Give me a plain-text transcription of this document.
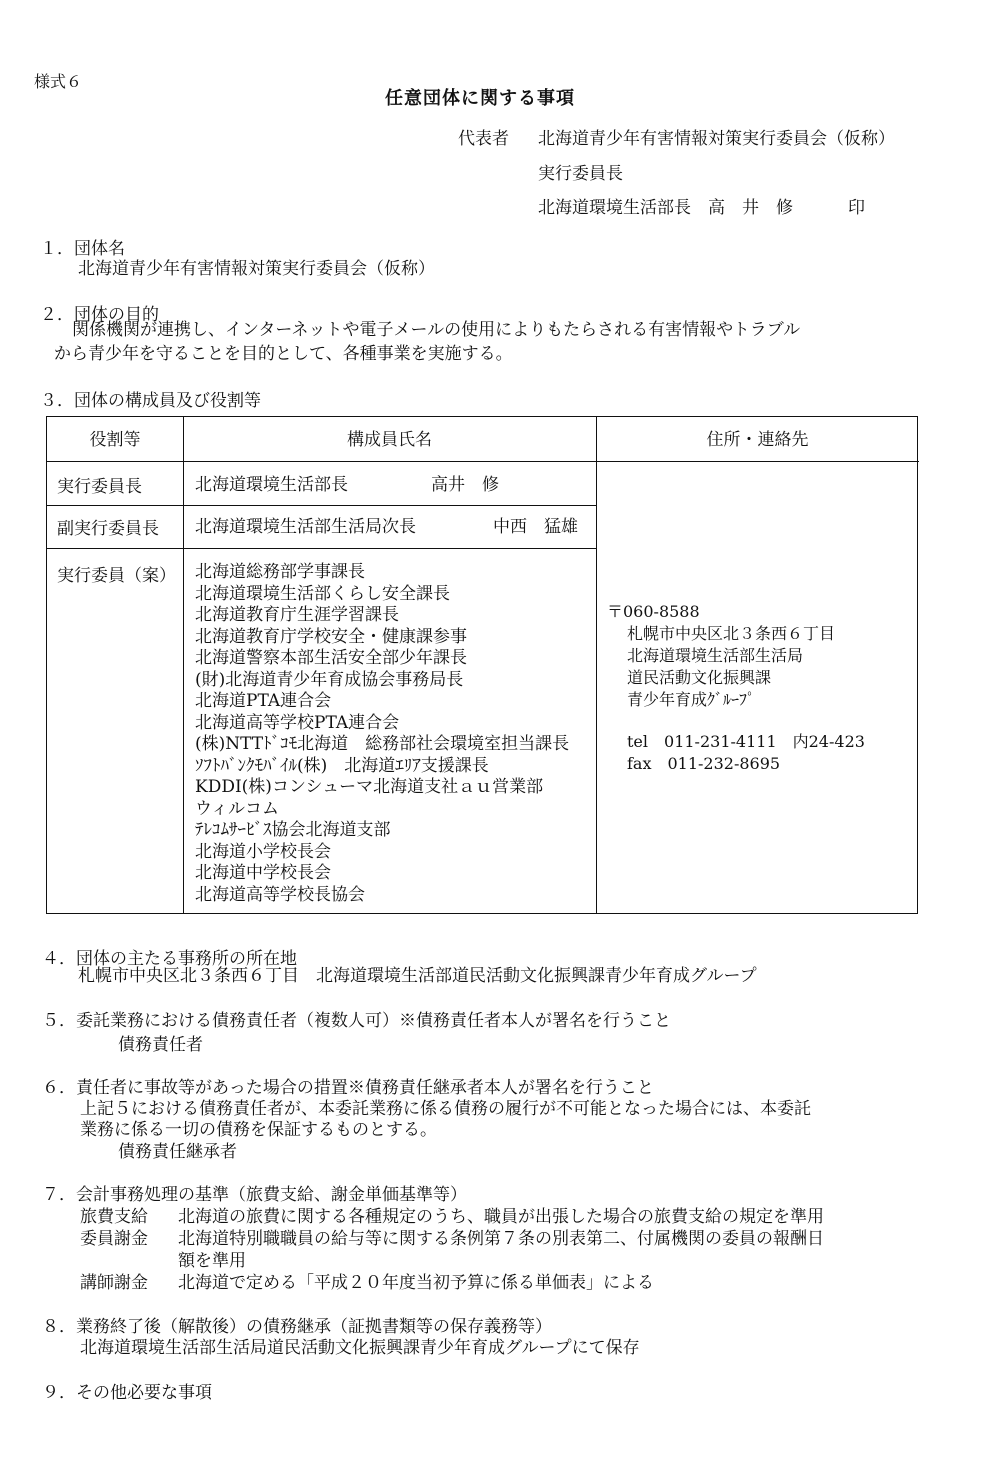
様式６
任意団体に関する事項
代表者 北海道青少年有害情報対策実行委員会（仮称）
実行委員長
北海道環境生活部長　高　井　修	印
１．団体名
北海道青少年有害情報対策実行委員会（仮称）
２．団体の目的
関係機関が連携し、インターネットや電子メールの使用によりもたらされる有害情報やトラブル
から青少年を守ることを目的として、各種事業を実施する。
３．団体の構成員及び役割等
役割等	構成員氏名	住所・連絡先
実行委員長	北海道環境生活部長	高井　修
副実行委員長 北海道環境生活部生活局次長	中西　猛雄
実行委員（案） 北海道総務部学事課長
北海道環境生活部くらし安全課長
北海道教育庁生涯学習課長
北海道教育庁学校安全・健康課参事
北海道警察本部生活安全部少年課長
(財)北海道青少年育成協会事務局長
北海道PTA連合会
北海道高等学校PTA連合会
(株)NTTﾄﾞｺﾓ北海道　総務部社会環境室担当課長
ｿﾌﾄﾊﾞﾝｸﾓﾊﾞｲﾙ(株)　北海道ｴﾘｱ支援課長
KDDI(株)コンシューマ北海道支社ａｕ営業部
ウィルコム
ﾃﾚｺﾑｻｰﾋﾞｽ協会北海道支部
北海道小学校長会
北海道中学校長会
北海道高等学校長協会
〒060-8588
札幌市中央区北３条西６丁目
北海道環境生活部生活局
道民活動文化振興課
青少年育成ｸﾞﾙｰﾌﾟ
tel　011-231-4111　内24-423
fax　011-232-8695
４．団体の主たる事務所の所在地
札幌市中央区北３条西６丁目　北海道環境生活部道民活動文化振興課青少年育成グループ
５．委託業務における債務責任者（複数人可）※債務責任者本人が署名を行うこと
債務責任者
６．責任者に事故等があった場合の措置※債務責任継承者本人が署名を行うこと
上記５における債務責任者が、本委託業務に係る債務の履行が不可能となった場合には、本委託
業務に係る一切の債務を保証するものとする。
債務責任継承者
７．会計事務処理の基準（旅費支給、謝金単価基準等）
旅費支給 北海道の旅費に関する各種規定のうち、職員が出張した場合の旅費支給の規定を準用
委員謝金 北海道特別職職員の給与等に関する条例第７条の別表第二、付属機関の委員の報酬日
額を準用
講師謝金 北海道で定める「平成２０年度当初予算に係る単価表」による
８．業務終了後（解散後）の債務継承（証拠書類等の保存義務等）
北海道環境生活部生活局道民活動文化振興課青少年育成グループにて保存
９．その他必要な事項
